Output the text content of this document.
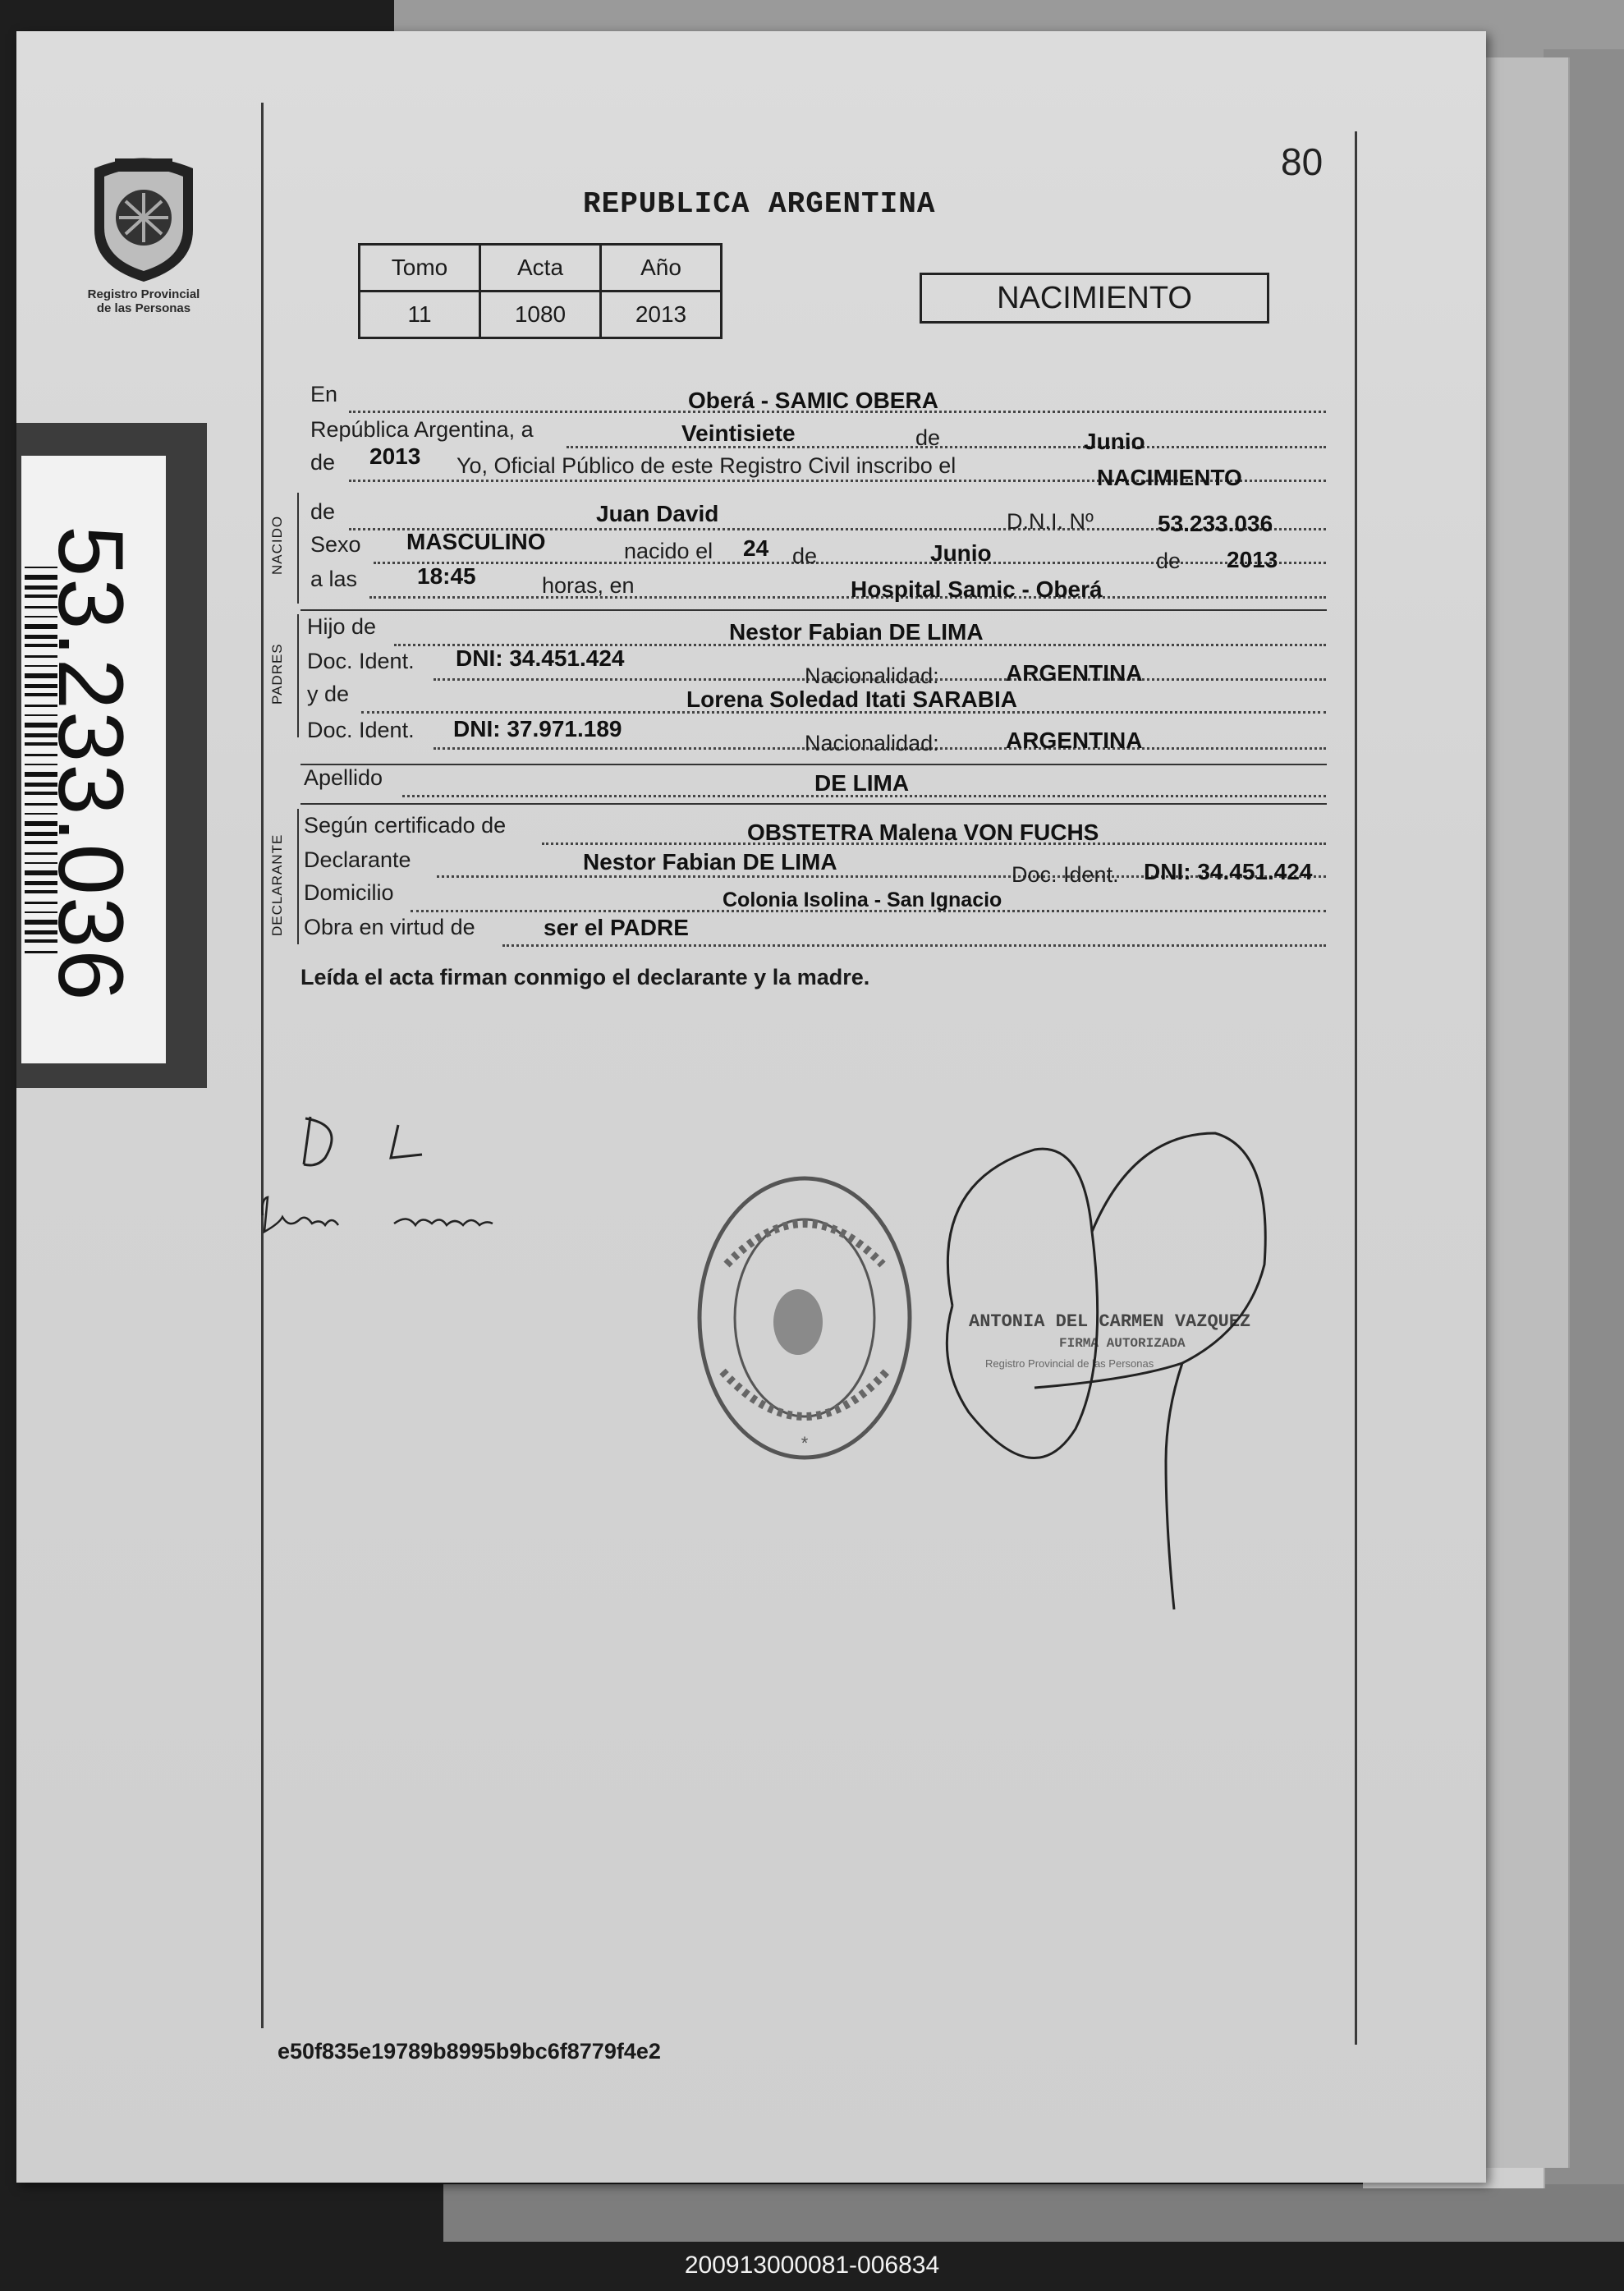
Registro Provincial
de las Personas
53.233.036
80
REPUBLICA ARGENTINA
Tomo	Acta	Año
11	1080	2013	NACIMIENTO
NACIDO
PADRES
DECLARANTE
En	Oberá - SAMIC OBERA
República Argentina, a	Veintisiete	de	Junio
de 2013 Yo, Oficial Público de este Registro Civil inscribo el	NACIMIENTO
de	Juan David	D.N.I. Nº	53.233.036
Sexo MASCULINO	nacido el 24 de	Junio	de 2013
a las	18:45	horas, en	Hospital Samic - Oberá
Hijo de	Nestor Fabian DE LIMA
Doc. Ident. DNI: 34.451.424
Nacionalidad:	ARGENTINA
y de	Lorena Soledad Itati SARABIA
Doc. Ident. DNI: 37.971.189
Nacionalidad:	ARGENTINA
Apellido	DE LIMA
Según certificado de	OBSTETRA Malena VON FUCHS
Declarante	Nestor Fabian DE LIMA	Doc. Ident. DNI: 34.451.424
Domicilio	Colonia Isolina - San Ignacio
Obra en virtud de	ser el PADRE
Leída el acta firman conmigo el declarante y la madre.
*
ANTONIA DEL CARMEN VAZQUEZ
FIRMA AUTORIZADA
Registro Provincial de las Personas
e50f835e19789b8995b9bc6f8779f4e2
200913000081-006834
